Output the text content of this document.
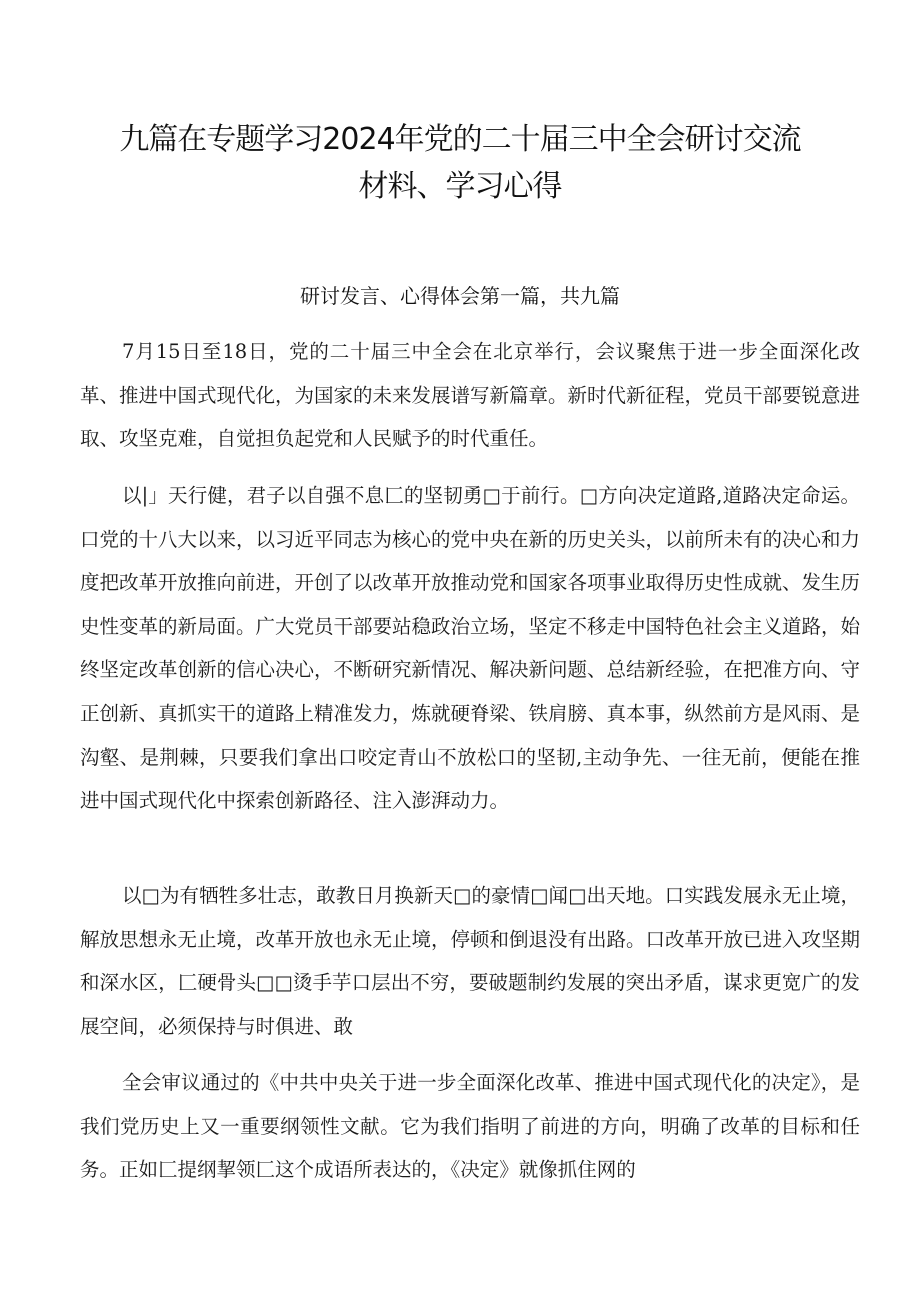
九篇在专题学习2024年党的二十届三中全会研讨交流
材料、学习心得
研讨发言、心得体会第一篇，共九篇

7月15日至18日，党的二十届三中全会在北京举行，会议聚焦于进一步全面深化改革、推进中国式现代化，为国家的未来发展谱写新篇章。新时代新征程，党员干部要锐意进取、攻坚克难，自觉担负起党和人民赋予的时代重任。

以|」天行健，君子以自强不息匚的坚韧勇□于前行。□方向决定道路,道路决定命运。口党的十八大以来，以习近平同志为核心的党中央在新的历史关头，以前所未有的决心和力度把改革开放推向前进，开创了以改革开放推动党和国家各项事业取得历史性成就、发生历史性变革的新局面。广大党员干部要站稳政治立场，坚定不移走中国特色社会主义道路，始终坚定改革创新的信心决心，不断研究新情况、解决新问题、总结新经验，在把准方向、守正创新、真抓实干的道路上精准发力，炼就硬脊梁、铁肩膀、真本事，纵然前方是风雨、是沟壑、是荆棘，只要我们拿出口咬定青山不放松口的坚韧,主动争先、一往无前，便能在推进中国式现代化中探索创新路径、注入澎湃动力。

以□为有牺牲多壮志，敢教日月换新天□的豪情□闻□出天地。口实践发展永无止境，解放思想永无止境，改革开放也永无止境，停顿和倒退没有出路。口改革开放已进入攻坚期和深水区，匚硬骨头□□烫手芋口层出不穷，要破题制约发展的突出矛盾，谋求更宽广的发展空间，必须保持与时俱进、敢

全会审议通过的《中共中央关于进一步全面深化改革、推进中国式现代化的决定》，是我们党历史上又一重要纲领性文献。它为我们指明了前进的方向，明确了改革的目标和任务。正如匚提纲挈领匚这个成语所表达的，《决定》就像抓住网的
